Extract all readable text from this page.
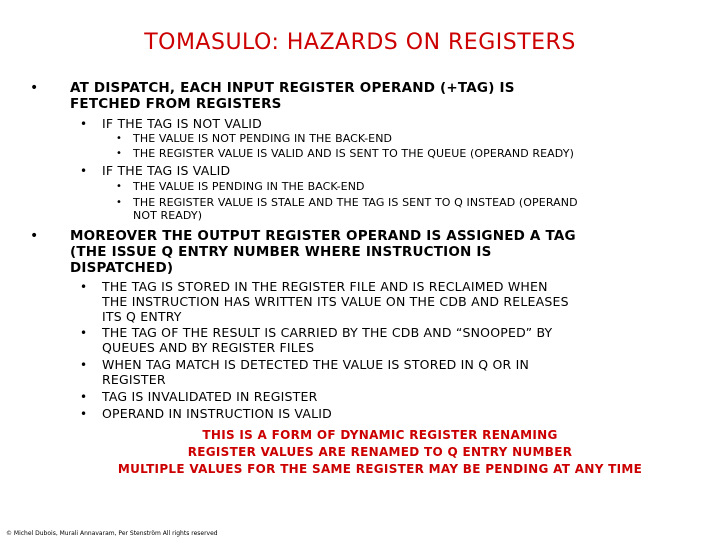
TOMASULO: HAZARDS ON REGISTERS
• AT DISPATCH, EACH INPUT REGISTER OPERAND (+TAG) IS
FETCHED FROM REGISTERS
• IF THE TAG IS NOT VALID
• THE VALUE IS NOT PENDING IN THE BACK-END
• THE REGISTER VALUE IS VALID AND IS SENT TO THE QUEUE (OPERAND READY)
• IF THE TAG IS VALID
• THE VALUE IS PENDING IN THE BACK-END
• THE REGISTER VALUE IS STALE AND THE TAG IS SENT TO Q INSTEAD (OPERAND
NOT READY)
• MOREOVER THE OUTPUT REGISTER OPERAND IS ASSIGNED A TAG
(THE ISSUE Q ENTRY NUMBER WHERE INSTRUCTION IS
DISPATCHED)
• THE TAG IS STORED IN THE REGISTER FILE AND IS RECLAIMED WHEN
THE INSTRUCTION HAS WRITTEN ITS VALUE ON THE CDB AND RELEASES
ITS Q ENTRY
• THE TAG OF THE RESULT IS CARRIED BY THE CDB AND “SNOOPED” BY
QUEUES AND BY REGISTER FILES
• WHEN TAG MATCH IS DETECTED THE VALUE IS STORED IN Q OR IN
REGISTER
• TAG IS INVALIDATED IN REGISTER
• OPERAND IN INSTRUCTION IS VALID
THIS IS A FORM OF DYNAMIC REGISTER RENAMING
REGISTER VALUES ARE RENAMED TO Q ENTRY NUMBER
MULTIPLE VALUES FOR THE SAME REGISTER MAY BE PENDING AT ANY TIME
© Michel Dubois, Murali Annavaram, Per Stenström All rights reserved
